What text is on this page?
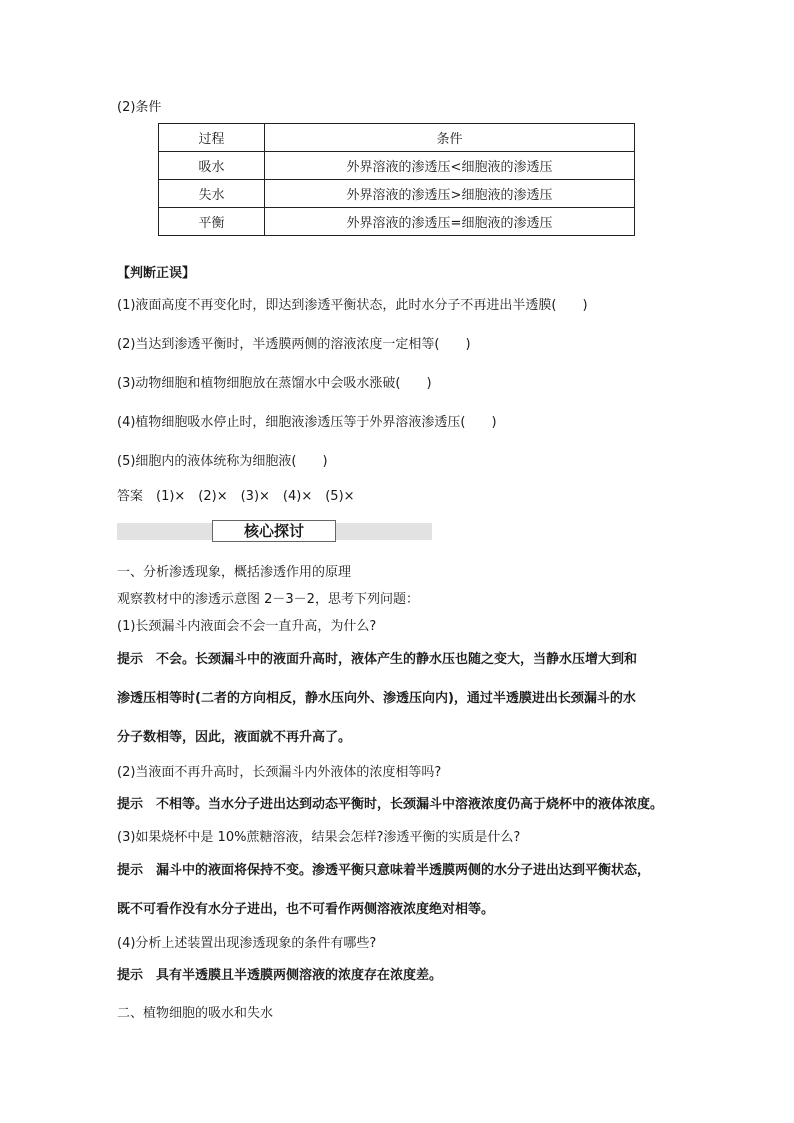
(2)条件
过程	条件
吸水	外界溶液的渗透压<细胞液的渗透压
失水	外界溶液的渗透压>细胞液的渗透压
平衡	外界溶液的渗透压=细胞液的渗透压
【判断正误】
(1)液面高度不再变化时，即达到渗透平衡状态，此时水分子不再进出半透膜(　　)
(2)当达到渗透平衡时，半透膜两侧的溶液浓度一定相等(　　)
(3)动物细胞和植物细胞放在蒸馏水中会吸水涨破(　　)
(4)植物细胞吸水停止时，细胞液渗透压等于外界溶液渗透压(　　)
(5)细胞内的液体统称为细胞液(　　)
答案　(1)×　(2)×　(3)×　(4)×　(5)×
核心探讨
一、分析渗透现象，概括渗透作用的原理
观察教材中的渗透示意图 2－3－2，思考下列问题：
(1)长颈漏斗内液面会不会一直升高，为什么?
提示　不会。长颈漏斗中的液面升高时，液体产生的静水压也随之变大，当静水压增大到和
渗透压相等时(二者的方向相反，静水压向外、渗透压向内)，通过半透膜进出长颈漏斗的水
分子数相等，因此，液面就不再升高了。
(2)当液面不再升高时，长颈漏斗内外液体的浓度相等吗?
提示　不相等。当水分子进出达到动态平衡时，长颈漏斗中溶液浓度仍高于烧杯中的液体浓度。
(3)如果烧杯中是 10%蔗糖溶液，结果会怎样?渗透平衡的实质是什么?
提示　漏斗中的液面将保持不变。渗透平衡只意味着半透膜两侧的水分子进出达到平衡状态，
既不可看作没有水分子进出，也不可看作两侧溶液浓度绝对相等。
(4)分析上述装置出现渗透现象的条件有哪些?
提示　具有半透膜且半透膜两侧溶液的浓度存在浓度差。
二、植物细胞的吸水和失水
